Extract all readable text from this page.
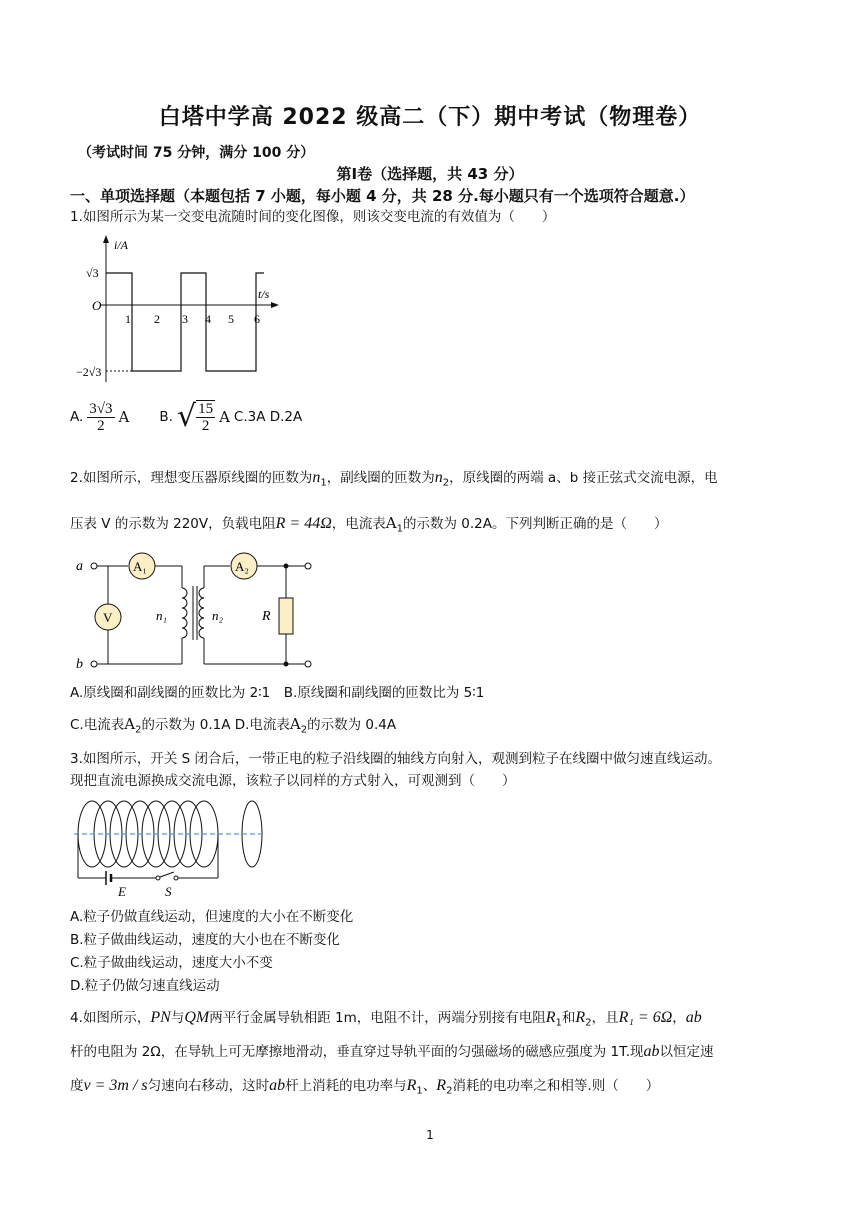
白塔中学高 2022 级高二（下）期中考试（物理卷）
（考试时间 75 分钟，满分 100 分）
第Ⅰ卷（选择题，共 43 分）
一、单项选择题（本题包括 7 小题，每小题 4 分，共 28 分.每小题只有一个选项符合题意.）
1.如图所示为某一交变电流随时间的变化图像，则该交变电流的有效值为（　　）
i/A
t/s
O
√3
−2√3
1 2 3 4 5 6
A. $\frac{3√3}{2}$ A B. √ $\frac{15}{2}$ A C.3A D.2A
2.如图所示，理想变压器原线圈的匝数为$n_1$，副线圈的匝数为$n_2$，原线圈的两端 a、b 接正弦式交流电源，电
压表 V 的示数为 220V，负载电阻R = 44Ω，电流表$A_1$的示数为 0.2A。下列判断正确的是（　　）
a
b
A₁
V	n₁	n₂
A₂
R
A.原线圈和副线圈的匝数比为 2∶1　B.原线圈和副线圈的匝数比为 5∶1
C.电流表$A_2$的示数为 0.1A D.电流表$A_2$的示数为 0.4A
3.如图所示，开关 S 闭合后，一带正电的粒子沿线圈的轴线方向射入，观测到粒子在线圈中做匀速直线运动。
现把直流电源换成交流电源，该粒子以同样的方式射入，可观测到（　　）
E	S
A.粒子仍做直线运动，但速度的大小在不断变化
B.粒子做曲线运动，速度的大小也在不断变化
C.粒子做曲线运动，速度大小不变
D.粒子仍做匀速直线运动
4.如图所示，PN与QM两平行金属导轨相距 1m，电阻不计，两端分别接有电阻$R_1$和$R_2$，且R₁ = 6Ω，ab
杆的电阻为 2Ω，在导轨上可无摩擦地滑动，垂直穿过导轨平面的匀强磁场的磁感应强度为 1T.现ab以恒定速
度v = 3m / s匀速向右移动，这时ab杆上消耗的电功率与$R_1$、$R_2$消耗的电功率之和相等.则（　　）
1
